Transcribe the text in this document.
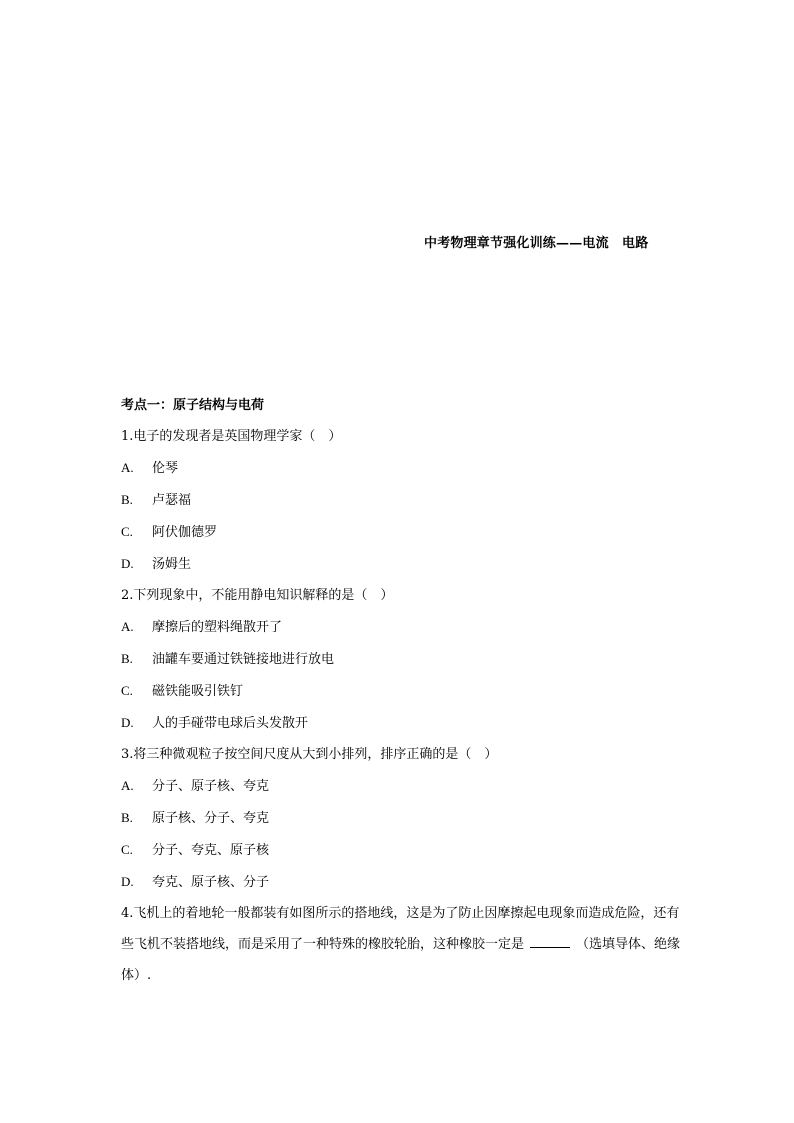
中考物理章节强化训练——电流　电路
考点一：原子结构与电荷
1.电子的发现者是英国物理学家（　）
A. 伦琴
B. 卢瑟福
C. 阿伏伽德罗
D. 汤姆生
2.下列现象中，不能用静电知识解释的是（　）
A. 摩擦后的塑料绳散开了
B. 油罐车要通过铁链接地进行放电
C. 磁铁能吸引铁钉
D. 人的手碰带电球后头发散开
3.将三种微观粒子按空间尺度从大到小排列，排序正确的是（　）
A. 分子、原子核、夸克
B. 原子核、分子、夸克
C. 分子、夸克、原子核
D. 夸克、原子核、分子
4.飞机上的着地轮一般都装有如图所示的搭地线，这是为了防止因摩擦起电现象而造成危险，还有些飞机不装搭地线，而是采用了一种特殊的橡胶轮胎，这种橡胶一定是	（选填导体、绝缘体）.
